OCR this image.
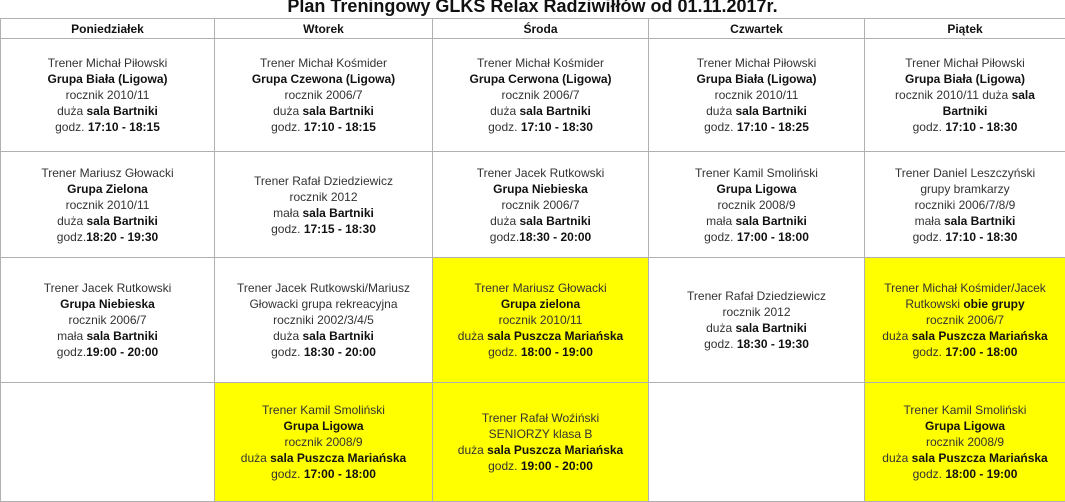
Plan Treningowy GLKS Relax Radziwiłłów od 01.11.2017r.
Poniedziałek	Wtorek	Środa	Czwartek	Piątek

Trener Michał Piłowski
Grupa Biała (Ligowa)
rocznik 2010/11
duża sala Bartniki
godz. 17:10 - 18:15	Trener Michał Kośmider
Grupa Czewona (Ligowa)
rocznik 2006/7
duża sala Bartniki
godz. 17:10 - 18:15	Trener Michał Kośmider
Grupa Cerwona (Ligowa)
rocznik 2006/7
duża sala Bartniki
godz. 17:10 - 18:30	Trener Michał Piłowski
Grupa Biała (Ligowa)
rocznik 2010/11
duża sala Bartniki
godz. 17:10 - 18:25	Trener Michał Piłowski
Grupa Biała (Ligowa)
rocznik 2010/11 duża sala
Bartniki
godz. 17:10 - 18:30

Trener Mariusz Głowacki
Grupa Zielona
rocznik 2010/11
duża sala Bartniki
godz.18:20 - 19:30	Trener Rafał Dziedziewicz
rocznik 2012
mała sala Bartniki
godz. 17:15 - 18:30	Trener Jacek Rutkowski
Grupa Niebieska
rocznik 2006/7
duża sala Bartniki
godz.18:30 - 20:00	Trener Kamil Smoliński
Grupa Ligowa
rocznik 2008/9
mała sala Bartniki
godz. 17:00 - 18:00	Trener Daniel Leszczyński
grupy bramkarzy
roczniki 2006/7/8/9
mała sala Bartniki
godz. 17:10 - 18:30

Trener Jacek Rutkowski
Grupa Niebieska
rocznik 2006/7
mała sala Bartniki
godz.19:00 - 20:00	Trener Jacek Rutkowski/Mariusz
Głowacki grupa rekreacyjna
roczniki 2002/3/4/5
duża sala Bartniki
godz. 18:30 - 20:00	Trener Mariusz Głowacki
Grupa zielona
rocznik 2010/11
duża sala Puszcza Mariańska
godz. 18:00 - 19:00	Trener Rafał Dziedziewicz
rocznik 2012
duża sala Bartniki
godz. 18:30 - 19:30	Trener Michał Kośmider/Jacek
Rutkowski obie grupy
rocznik 2006/7
duża sala Puszcza Mariańska
godz. 17:00 - 18:00

	Trener Kamil Smoliński
Grupa Ligowa
rocznik 2008/9
duża sala Puszcza Mariańska
godz. 17:00 - 18:00	Trener Rafał Woźiński
SENIORZY klasa B
duża sala Puszcza Mariańska
godz. 19:00 - 20:00		Trener Kamil Smoliński
Grupa Ligowa
rocznik 2008/9
duża sala Puszcza Mariańska
godz. 18:00 - 19:00
